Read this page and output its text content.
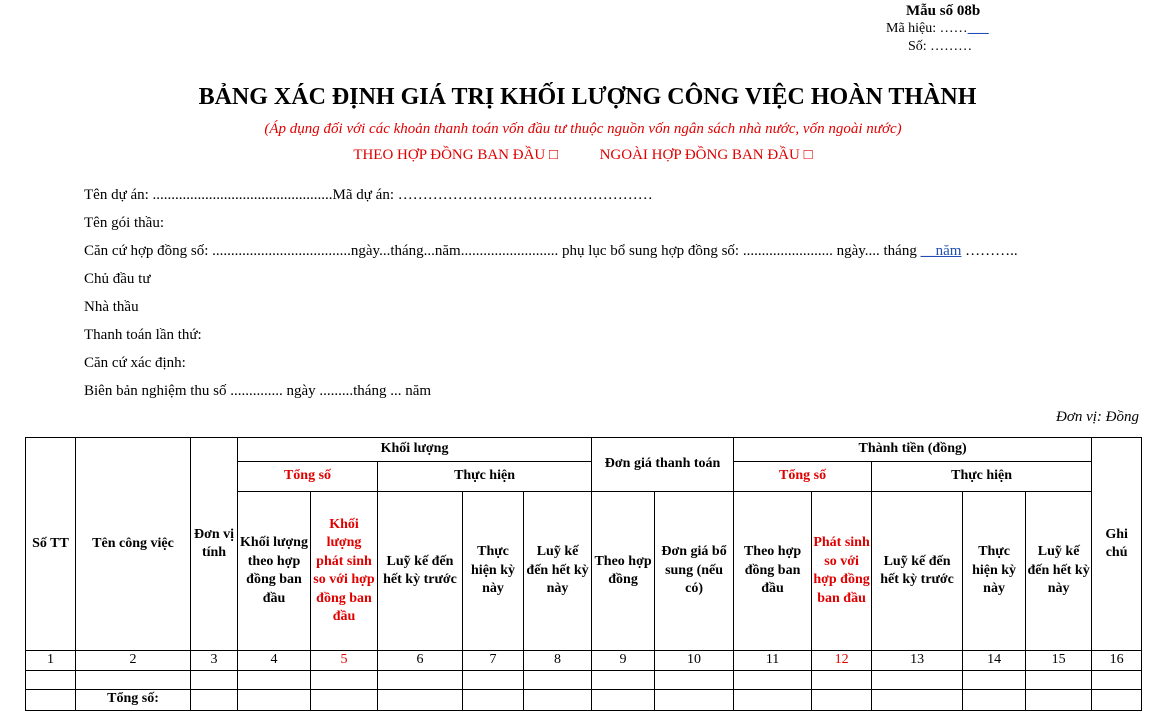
Mẫu số 08b
Mã hiệu: ……___
Số: ………
BẢNG XÁC ĐỊNH GIÁ TRỊ KHỐI LƯỢNG CÔNG VIỆC HOÀN THÀNH
(Áp dụng đối với các khoản thanh toán vốn đầu tư thuộc nguồn vốn ngân sách nhà nước, vốn ngoài nước)
THEO HỢP ĐỒNG BAN ĐẦU □	NGOÀI HỢP ĐỒNG BAN ĐẦU □
Tên dự án: ................................................Mã dự án: ……………………………………………
Tên gói thầu:
Căn cứ hợp đồng số: .....................................ngày...tháng...năm.......................... phụ lục bổ sung hợp đồng số: ........................ ngày.... tháng __năm ………..
Chủ đầu tư
Nhà thầu
Thanh toán lần thứ:
Căn cứ xác định:
Biên bản nghiệm thu số .............. ngày .........tháng ... năm
Đơn vị: Đồng
Số TT	Tên công việc	Đơn vị tính	Khối lượng					Đơn giá thanh toán		Thành tiền (đồng)					Ghi chú
			Tổng số		Thực hiện					Tổng số		Thực hiện			
			Khối lượng theo hợp đồng ban đầu	Khối lượng phát sinh so với hợp đồng ban đầu	Luỹ kế đến hết kỳ trước	Thực hiện kỳ này	Luỹ kế đến hết kỳ này	Theo hợp đồng	Đơn giá bổ sung (nếu có)	Theo hợp đồng ban đầu	Phát sinh so với hợp đồng ban đầu	Luỹ kế đến hết kỳ trước	Thực hiện kỳ này	Luỹ kế đến hết kỳ này	
1	2	3	4	5	6	7	8	9	10	11	12	13	14	15	16

	Tổng số:														
